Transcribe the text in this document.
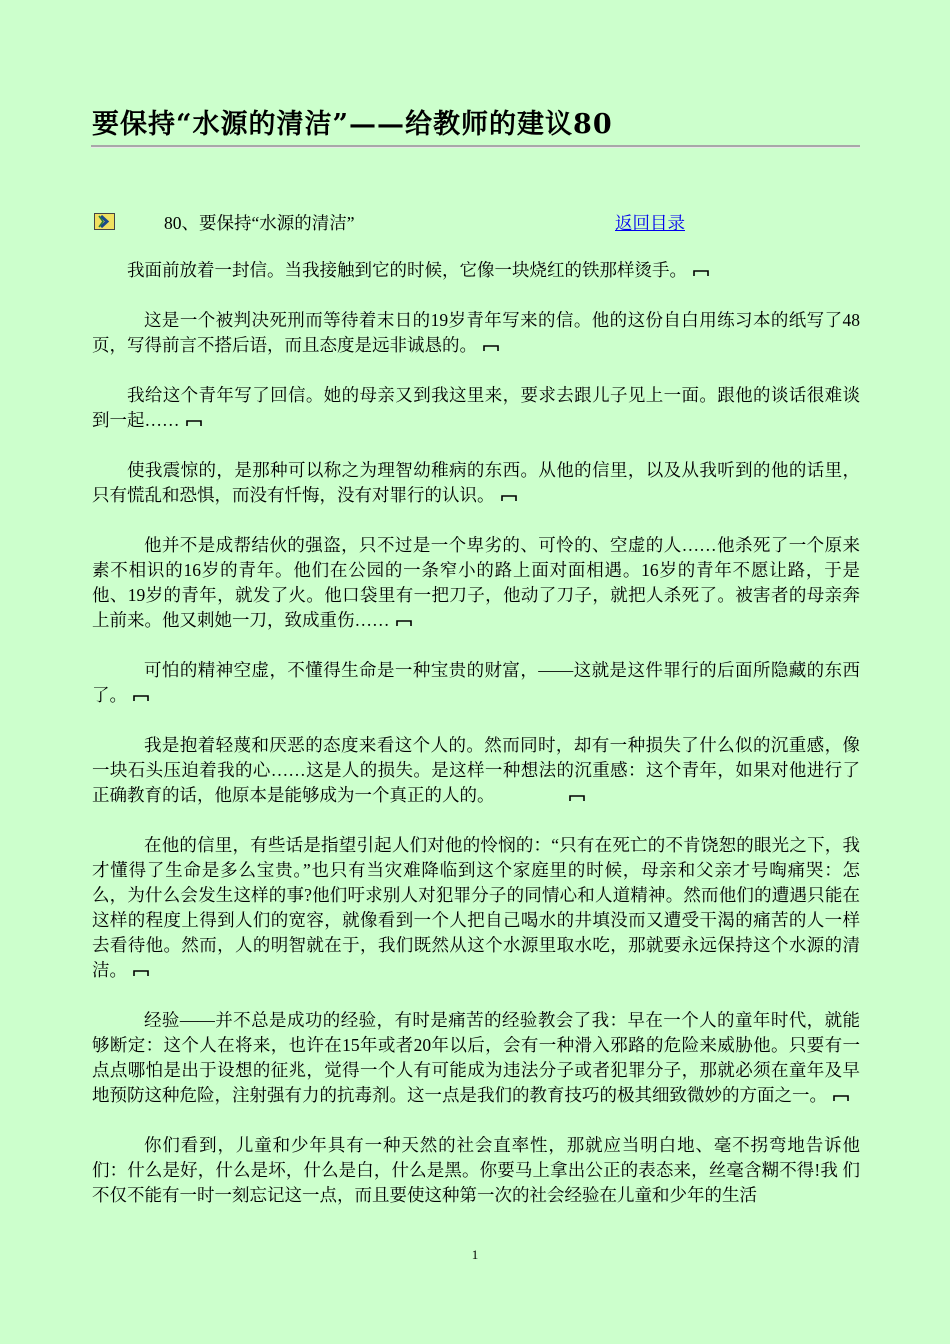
要保持“水源的清洁”——给教师的建议80
80、要保持“水源的清洁”	返回目录

我面前放着一封信。当我接触到它的时候，它像一块烧红的铁那样烫手。

这是一个被判决死刑而等待着末日的19岁青年写来的信。他的这份自白用练习本的纸写了48页，写得前言不搭后语，而且态度是远非诚恳的。

我给这个青年写了回信。她的母亲又到我这里来，要求去跟儿子见上一面。跟他的谈话很难谈到一起……

使我震惊的，是那种可以称之为理智幼稚病的东西。从他的信里，以及从我听到的他的话里，只有慌乱和恐惧，而没有忏悔，没有对罪行的认识。

他并不是成帮结伙的强盗，只不过是一个卑劣的、可怜的、空虚的人……他杀死了一个原来素不相识的16岁的青年。他们在公园的一条窄小的路上面对面相遇。16岁的青年不愿让路，于是他、19岁的青年，就发了火。他口袋里有一把刀子，他动了刀子，就把人杀死了。被害者的母亲奔上前来。他又刺她一刀，致成重伤……

可怕的精神空虚，不懂得生命是一种宝贵的财富，——这就是这件罪行的后面所隐藏的东西了。

我是抱着轻蔑和厌恶的态度来看这个人的。然而同时，却有一种损失了什么似的沉重感，像一块石头压迫着我的心……这是人的损失。是这样一种想法的沉重感：这个青年，如果对他进行了正确教育的话，他原本是能够成为一个真正的人的。

在他的信里，有些话是指望引起人们对他的怜悯的：“只有在死亡的不肯饶恕的眼光之下，我才懂得了生命是多么宝贵。”也只有当灾难降临到这个家庭里的时候，母亲和父亲才号啕痛哭：怎么，为什么会发生这样的事?他们吁求别人对犯罪分子的同情心和人道精神。然而他们的遭遇只能在这样的程度上得到人们的宽容，就像看到一个人把自己喝水的井填没而又遭受干渴的痛苦的人一样去看待他。然而，人的明智就在于，我们既然从这个水源里取水吃，那就要永远保持这个水源的清洁。

经验——并不总是成功的经验，有时是痛苦的经验教会了我：早在一个人的童年时代，就能够断定：这个人在将来，也许在15年或者20年以后，会有一种滑入邪路的危险来威胁他。只要有一点点哪怕是出于设想的征兆，觉得一个人有可能成为违法分子或者犯罪分子，那就必须在童年及早地预防这种危险，注射强有力的抗毒剂。这一点是我们的教育技巧的极其细致微妙的方面之一。

你们看到，儿童和少年具有一种天然的社会直率性，那就应当明白地、毫不拐弯地告诉他们：什么是好，什么是坏，什么是白，什么是黑。你要马上拿出公正的表态来，丝毫含糊不得!我 们不仅不能有一时一刻忘记这一点，而且要使这种第一次的社会经验在儿童和少年的生活

1
